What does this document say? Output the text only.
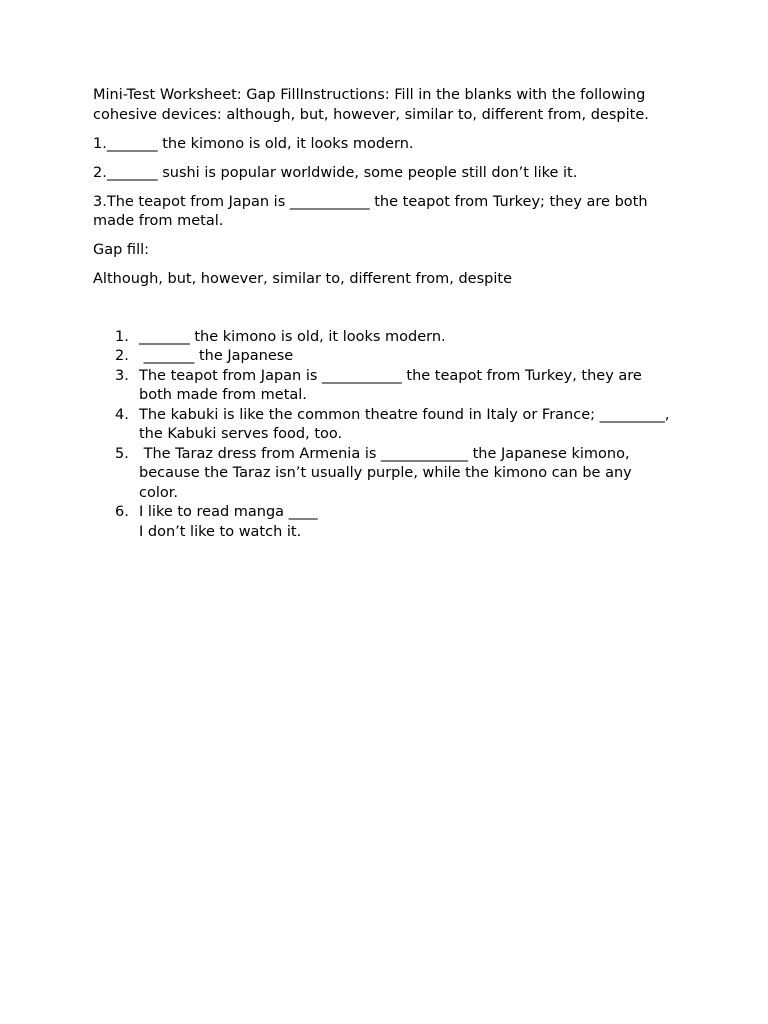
Mini-Test Worksheet: Gap FillInstructions: Fill in the blanks with the following cohesive devices: although, but, however, similar to, different from, despite.

1._______ the kimono is old, it looks modern.

2._______ sushi is popular worldwide, some people still don’t like it.

3.The teapot from Japan is ___________ the teapot from Turkey; they are both made from metal.

Gap fill:

Although, but, however, similar to, different from, despite

1. _______ the kimono is old, it looks modern.
2. _______ the Japanese
3. The teapot from Japan is ___________ the teapot from Turkey, they are both made from metal.
4. The kabuki is like the common theatre found in Italy or France; _________, the Kabuki serves food, too.
5. The Taraz dress from Armenia is ____________ the Japanese kimono, because the Taraz isn’t usually purple, while the kimono can be any color.
6. I like to read manga ____
I don’t like to watch it.
